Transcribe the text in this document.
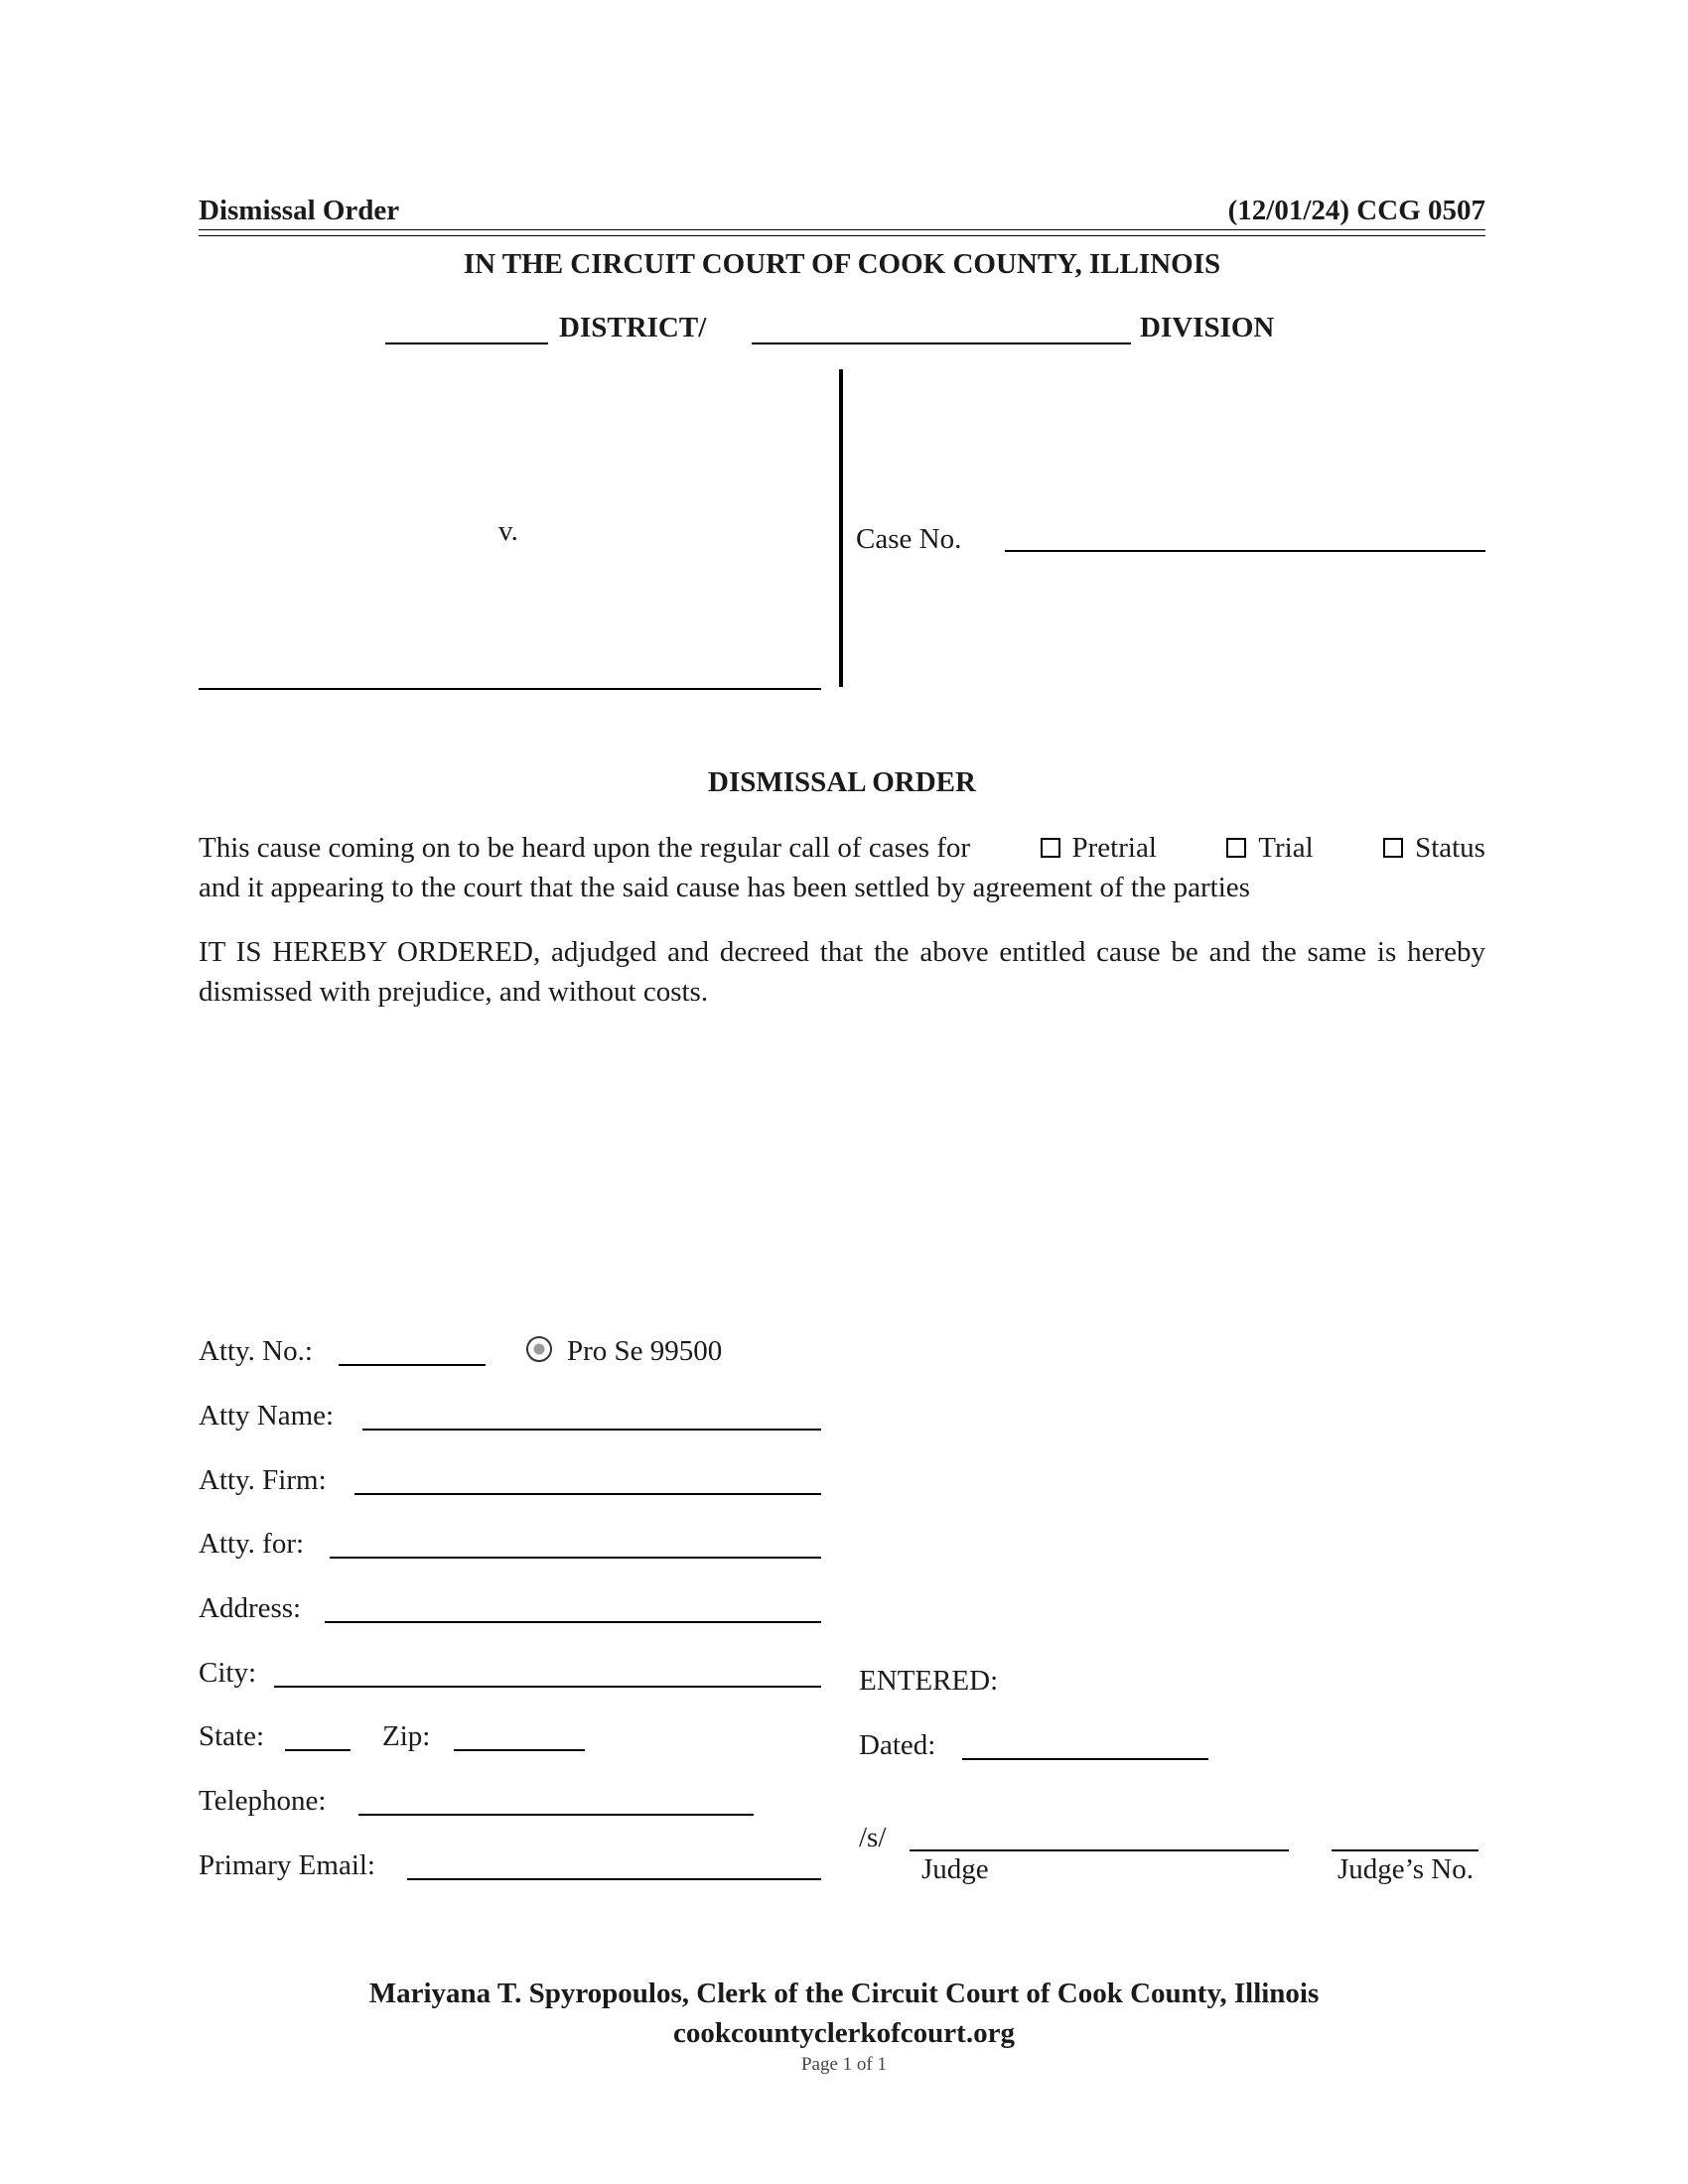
Dismissal Order	(12/01/24) CCG 0507
IN THE CIRCUIT COURT OF COOK COUNTY, ILLINOIS
DISTRICT/	DIVISION
v.	Case No.
DISMISSAL ORDER
This cause coming on to be heard upon the regular call of cases for	Pretrial	Trial	Status
and it appearing to the court that the said cause has been settled by agreement of the parties
IT IS HEREBY ORDERED, adjudged and decreed that the above entitled cause be and the same is hereby dismissed with prejudice, and without costs.
Atty. No.:	Pro Se 99500
Atty Name:
Atty. Firm:
Atty. for:
Address:
City:
State:	Zip:
Telephone:
Primary Email:
ENTERED:
Dated:
/s/
Judge	Judge’s No.
Mariyana T. Spyropoulos, Clerk of the Circuit Court of Cook County, Illinois
cookcountyclerkofcourt.org
Page 1 of 1
